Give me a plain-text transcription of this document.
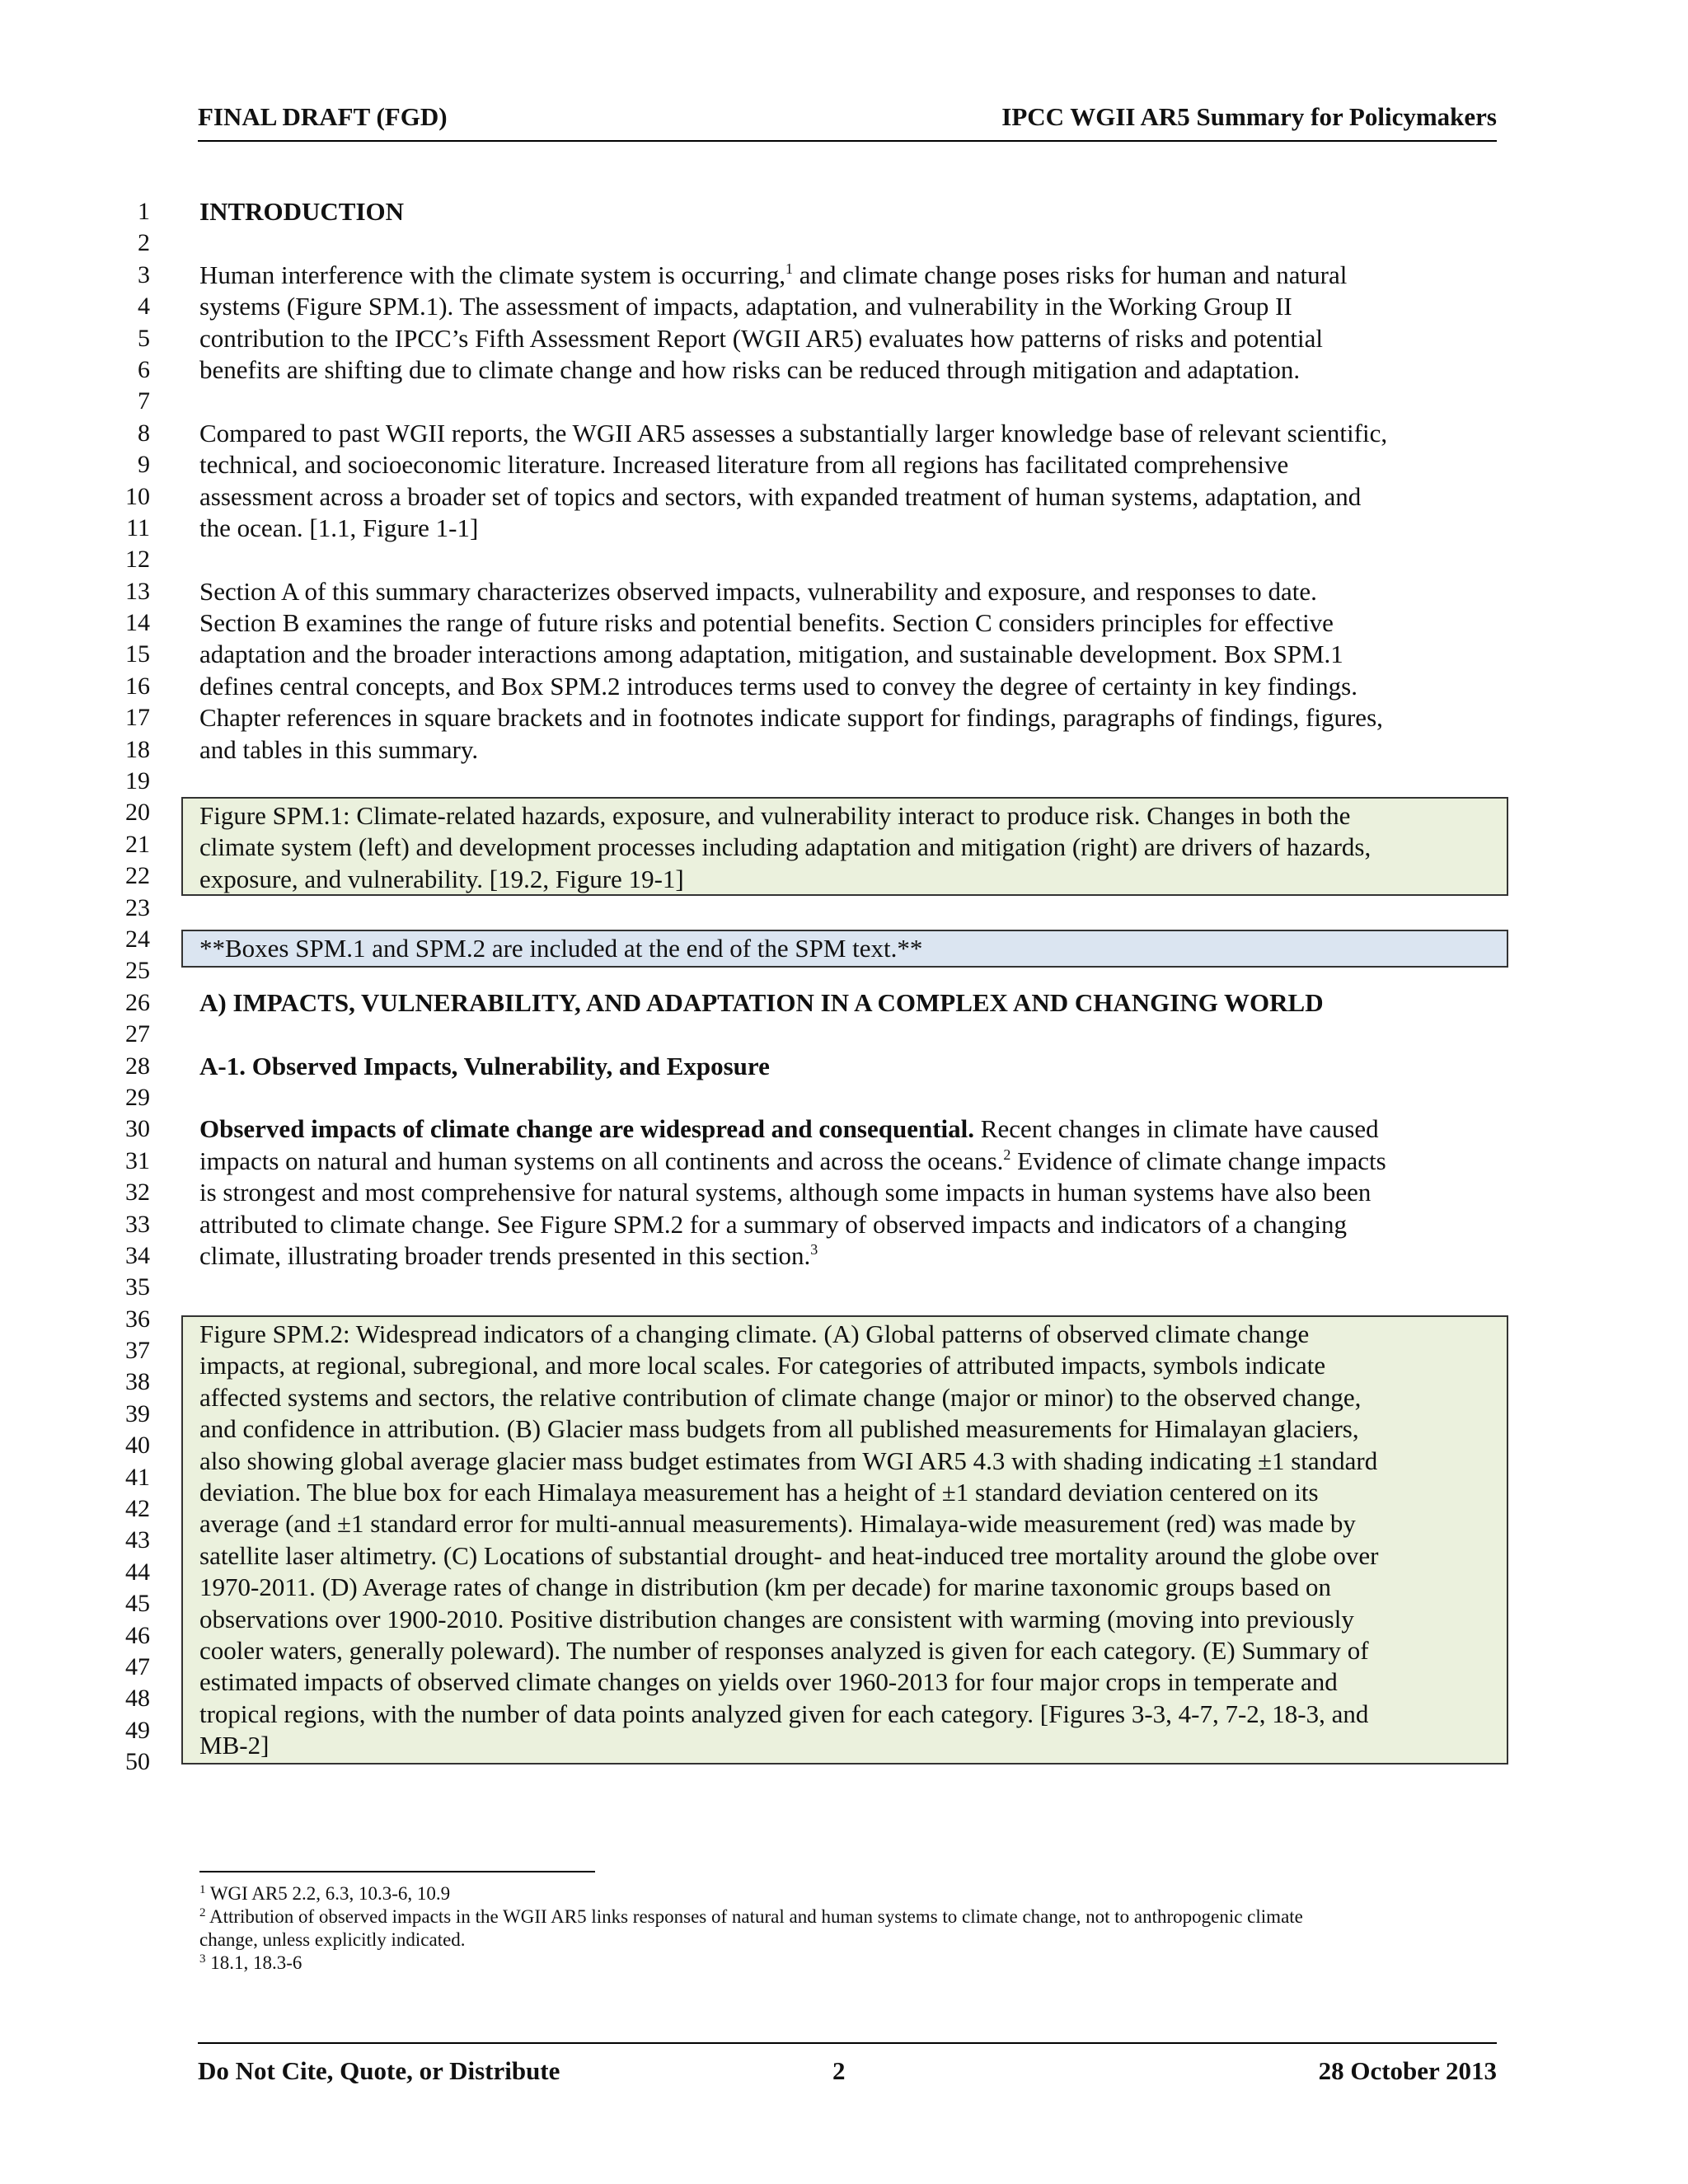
FINAL DRAFT (FGD)	IPCC WGII AR5 Summary for Policymakers
1
2
3
4
5
6
7
8
9
10
11
12
13
14
15
16
17
18
19
20
21
22
23
24
25
26
27
28
29
30
31
32
33
34
35
36
37
38
39
40
41
42
43
44
45
46
47
48
49
50
INTRODUCTION
Human interference with the climate system is occurring,$^1$ and climate change poses risks for human and natural
systems (Figure SPM.1). The assessment of impacts, adaptation, and vulnerability in the Working Group II
contribution to the IPCC’s Fifth Assessment Report (WGII AR5) evaluates how patterns of risks and potential
benefits are shifting due to climate change and how risks can be reduced through mitigation and adaptation.
Compared to past WGII reports, the WGII AR5 assesses a substantially larger knowledge base of relevant scientific,
technical, and socioeconomic literature. Increased literature from all regions has facilitated comprehensive
assessment across a broader set of topics and sectors, with expanded treatment of human systems, adaptation, and
the ocean. [1.1, Figure 1-1]
Section A of this summary characterizes observed impacts, vulnerability and exposure, and responses to date.
Section B examines the range of future risks and potential benefits. Section C considers principles for effective
adaptation and the broader interactions among adaptation, mitigation, and sustainable development. Box SPM.1
defines central concepts, and Box SPM.2 introduces terms used to convey the degree of certainty in key findings.
Chapter references in square brackets and in footnotes indicate support for findings, paragraphs of findings, figures,
and tables in this summary.
A) IMPACTS, VULNERABILITY, AND ADAPTATION IN A COMPLEX AND CHANGING WORLD
A-1. Observed Impacts, Vulnerability, and Exposure
Observed impacts of climate change are widespread and consequential. Recent changes in climate have caused
impacts on natural and human systems on all continents and across the oceans.$^2$ Evidence of climate change impacts
is strongest and most comprehensive for natural systems, although some impacts in human systems have also been
attributed to climate change. See Figure SPM.2 for a summary of observed impacts and indicators of a changing
climate, illustrating broader trends presented in this section.$^3$
Figure SPM.1: Climate-related hazards, exposure, and vulnerability interact to produce risk. Changes in both the
climate system (left) and development processes including adaptation and mitigation (right) are drivers of hazards,
exposure, and vulnerability. [19.2, Figure 19-1]
**Boxes SPM.1 and SPM.2 are included at the end of the SPM text.**
Figure SPM.2: Widespread indicators of a changing climate. (A) Global patterns of observed climate change
impacts, at regional, subregional, and more local scales. For categories of attributed impacts, symbols indicate
affected systems and sectors, the relative contribution of climate change (major or minor) to the observed change,
and confidence in attribution. (B) Glacier mass budgets from all published measurements for Himalayan glaciers,
also showing global average glacier mass budget estimates from WGI AR5 4.3 with shading indicating ±1 standard
deviation. The blue box for each Himalaya measurement has a height of ±1 standard deviation centered on its
average (and ±1 standard error for multi-annual measurements). Himalaya-wide measurement (red) was made by
satellite laser altimetry. (C) Locations of substantial drought- and heat-induced tree mortality around the globe over
1970-2011. (D) Average rates of change in distribution (km per decade) for marine taxonomic groups based on
observations over 1900-2010. Positive distribution changes are consistent with warming (moving into previously
cooler waters, generally poleward). The number of responses analyzed is given for each category. (E) Summary of
estimated impacts of observed climate changes on yields over 1960-2013 for four major crops in temperate and
tropical regions, with the number of data points analyzed given for each category. [Figures 3-3, 4-7, 7-2, 18-3, and
MB-2]
$^1$ WGI AR5 2.2, 6.3, 10.3-6, 10.9
$^2$ Attribution of observed impacts in the WGII AR5 links responses of natural and human systems to climate change, not to anthropogenic climate
change, unless explicitly indicated.
$^3$ 18.1, 18.3-6
Do Not Cite, Quote, or Distribute	2	28 October 2013
